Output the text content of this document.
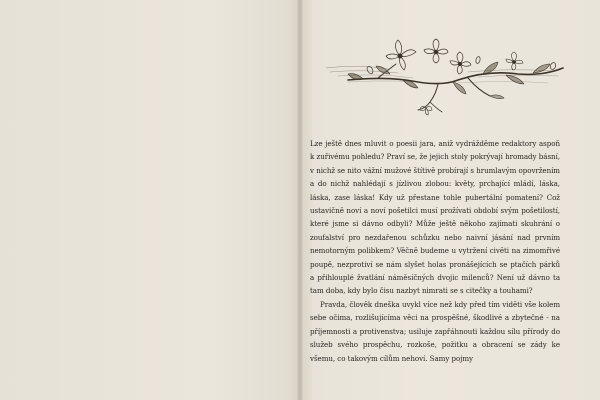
Lze ještě dnes mluvit o poesii jara, aniž vydrážděme redaktory aspoň k zuřivému pohledu? Praví se, že jejich stoly pokrývají hromady básní, v nichž se nito vážní mužové štítivě probírají s hrumlavým opovržením a do nichž nahlédají s jízlivou zlobou: květy, prchající mládí, láska, láska, zase láska! Kdy už přestane tohle pubertální pomatení? Což ustavičně noví a noví pošetilci musí prožívati období svým pošetilostí, které jsme si dávno odbyli? Může ještě někoho zajímati skuhrání o zoufalství pro nezdařenou schůzku nebo naivní jásání nad prvním nemotorným polibkem? Věčně budeme u vytržení civěti na zimomřivé poupě, nezprotiví se nám slyšet holas pronášejících se ptačích párků a přihlouplé žvatlání náměsíčných dvojic milenců? Není už dávno ta tam doba, kdy bylo čisu nazbyt nimrati se s citečky a touhami?

Pravda, člověk dneška uvykl více než kdy před tím viděti vše kolem sebe očima, rozlišujícíma věci na prospěšné, škodlivé a zbytečné - na příjemnosti a protivenstva; usiluje zapřáhnouti každou sílu přírody do služeb svého prospěchu, rozkoše, požitku a obracení se zády ke všemu, co takovým cílům nehoví. Samy pojmy
